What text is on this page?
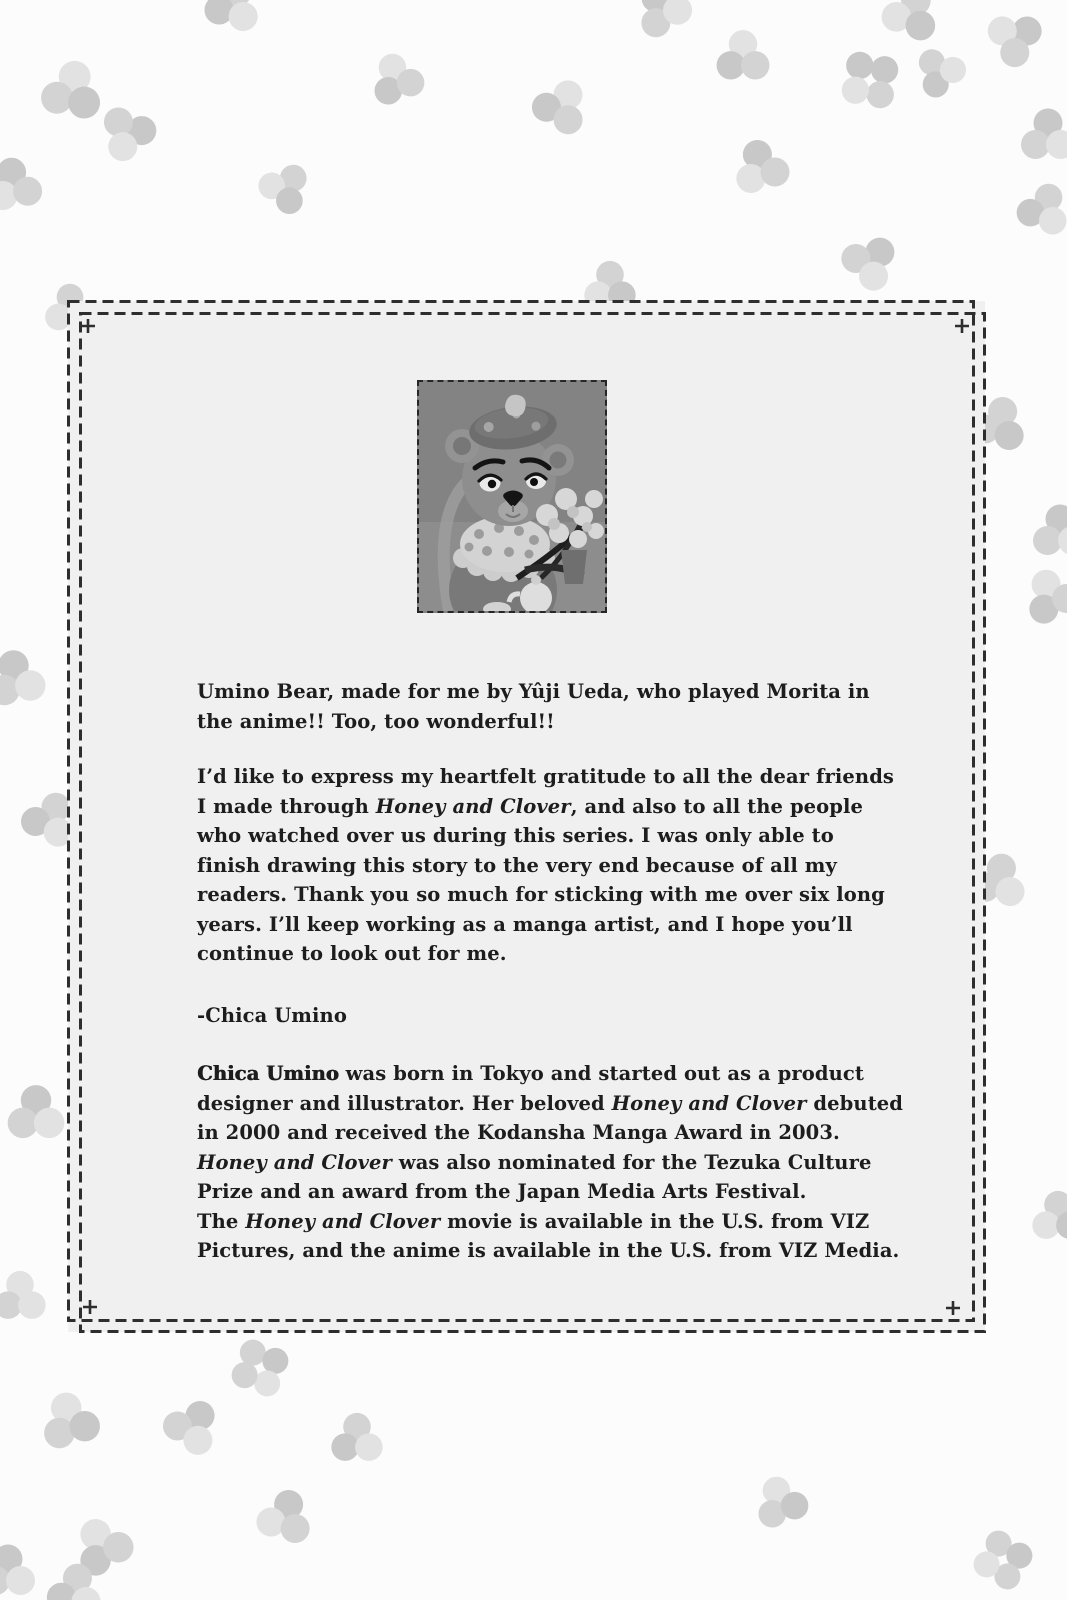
Umino Bear, made for me by Yûji Ueda, who played Morita in
the anime!! Too, too wonderful!!
I’d like to express my heartfelt gratitude to all the dear friends
I made through Honey and Clover, and also to all the people
who watched over us during this series. I was only able to
finish drawing this story to the very end because of all my
readers. Thank you so much for sticking with me over six long
years. I’ll keep working as a manga artist, and I hope you’ll
continue to look out for me.
-Chica Umino
Chica Umino was born in Tokyo and started out as a product
designer and illustrator. Her beloved Honey and Clover debuted
in 2000 and received the Kodansha Manga Award in 2003.
Honey and Clover was also nominated for the Tezuka Culture
Prize and an award from the Japan Media Arts Festival.
The Honey and Clover movie is available in the U.S. from VIZ
Pictures, and the anime is available in the U.S. from VIZ Media.
